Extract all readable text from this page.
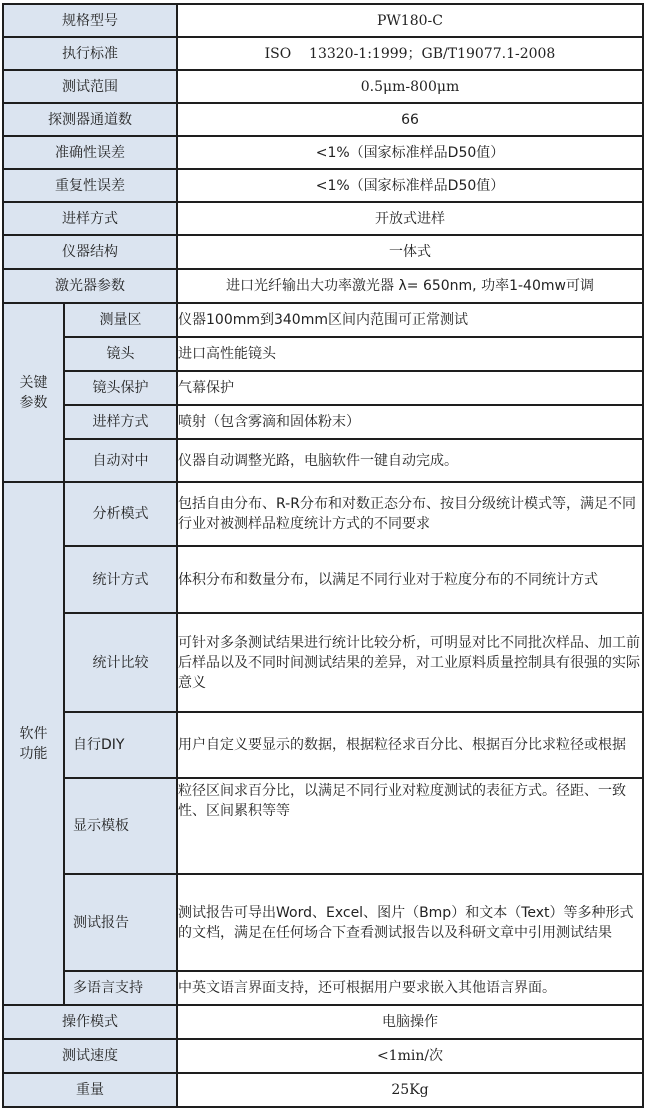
规格型号		PW180-C
执行标准		ISO    13320-1:1999；GB/T19077.1-2008
测试范围		0.5μm-800μm
探测器通道数		66
准确性误差		<1%（国家标准样品D50值）
重复性误差		<1%（国家标准样品D50值）
进样方式		开放式进样
仪器结构		一体式
激光器参数		进口光纤输出大功率激光器 λ= 650nm, 功率1-40mw可调
关键参数	测量区	仪器100mm到340mm区间内范围可正常测试
	镜头	进口高性能镜头
	镜头保护	气幕保护
	进样方式	喷射（包含雾滴和固体粉末）
	自动对中	仪器自动调整光路，电脑软件一键自动完成。
软件功能	分析模式	包括自由分布、R-R分布和对数正态分布、按目分级统计模式等，满足不同行业对被测样品粒度统计方式的不同要求
	统计方式	体积分布和数量分布，以满足不同行业对于粒度分布的不同统计方式
	统计比较	可针对多条测试结果进行统计比较分析，可明显对比不同批次样品、加工前后样品以及不同时间测试结果的差异，对工业原料质量控制具有很强的实际意义
	自行DIY	用户自定义要显示的数据，根据粒径求百分比、根据百分比求粒径或根据
	显示模板	粒径区间求百分比，以满足不同行业对粒度测试的表征方式。径距、一致性、区间累积等等
	测试报告	测试报告可导出Word、Excel、图片（Bmp）和文本（Text）等多种形式的文档，满足在任何场合下查看测试报告以及科研文章中引用测试结果
	多语言支持	中英文语言界面支持，还可根据用户要求嵌入其他语言界面。
操作模式		电脑操作
测试速度		<1min/次
重量		25Kg
